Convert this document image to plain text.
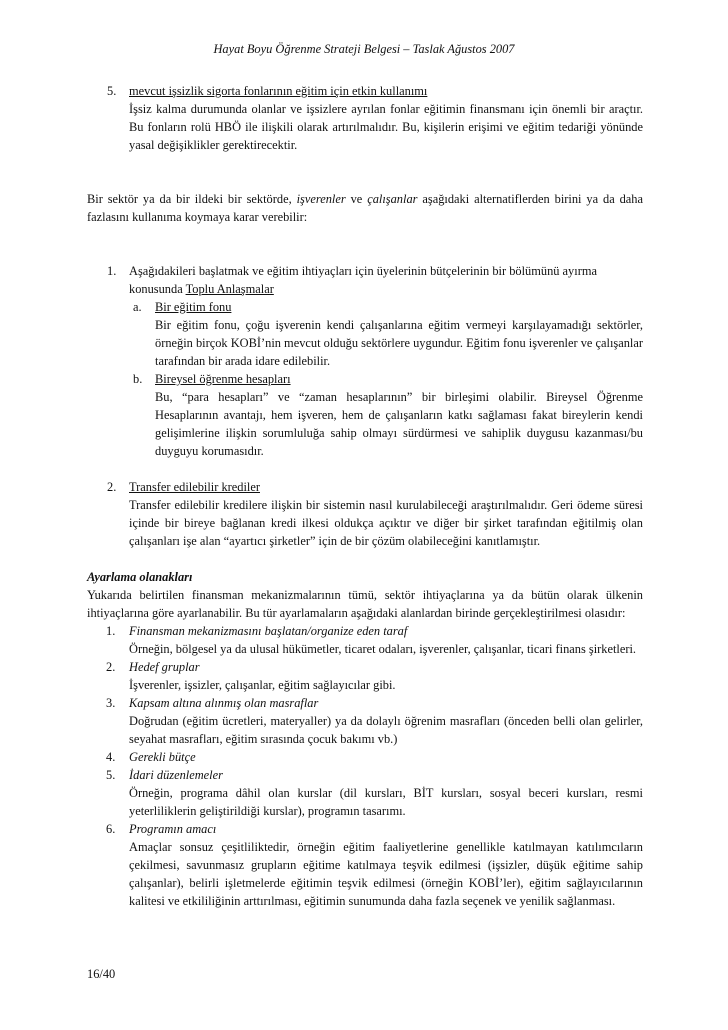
Hayat Boyu Öğrenme Strateji Belgesi – Taslak Ağustos 2007
5. mevcut işsizlik sigorta fonlarının eğitim için etkin kullanımı

İşsiz kalma durumunda olanlar ve işsizlere ayrılan fonlar eğitimin finansmanı için önemli bir araçtır. Bu fonların rolü HBÖ ile ilişkili olarak artırılmalıdır. Bu, kişilerin erişimi ve eğitim tedariği yönünde yasal değişiklikler gerektirecektir.

Bir sektör ya da bir ildeki bir sektörde, işverenler ve çalışanlar aşağıdaki alternatiflerden birini ya da daha fazlasını kullanıma koymaya karar verebilir:

1. Aşağıdakileri başlatmak ve eğitim ihtiyaçları için üyelerinin bütçelerinin bir bölümünü ayırma konusunda Toplu Anlaşmalar

a. Bir eğitim fonu

Bir eğitim fonu, çoğu işverenin kendi çalışanlarına eğitim vermeyi karşılayamadığı sektörler, örneğin birçok KOBİ’nin mevcut olduğu sektörlere uygundur. Eğitim fonu işverenler ve çalışanlar tarafından bir arada idare edilebilir.

b. Bireysel öğrenme hesapları

Bu, “para hesapları” ve “zaman hesaplarının” bir birleşimi olabilir. Bireysel Öğrenme Hesaplarının avantajı, hem işveren, hem de çalışanların katkı sağlaması fakat bireylerin kendi gelişimlerine ilişkin sorumluluğa sahip olmayı sürdürmesi ve sahiplik duygusu kazanması/bu duyguyu korumasıdır.

2. Transfer edilebilir krediler

Transfer edilebilir kredilere ilişkin bir sistemin nasıl kurulabileceği araştırılmalıdır. Geri ödeme süresi içinde bir bireye bağlanan kredi ilkesi oldukça açıktır ve diğer bir şirket tarafından eğitilmiş olan çalışanları işe alan “ayartıcı şirketler” için de bir çözüm olabileceğini kanıtlamıştır.

Ayarlama olanakları

Yukarıda belirtilen finansman mekanizmalarının tümü, sektör ihtiyaçlarına ya da bütün olarak ülkenin ihtiyaçlarına göre ayarlanabilir. Bu tür ayarlamaların aşağıdaki alanlardan birinde gerçekleştirilmesi olasıdır:

1. Finansman mekanizmasını başlatan/organize eden taraf

Örneğin, bölgesel ya da ulusal hükümetler, ticaret odaları, işverenler, çalışanlar, ticari finans şirketleri.

2. Hedef gruplar

İşverenler, işsizler, çalışanlar, eğitim sağlayıcılar gibi.

3. Kapsam altına alınmış olan masraflar

Doğrudan (eğitim ücretleri, materyaller) ya da dolaylı öğrenim masrafları (önceden belli olan gelirler, seyahat masrafları, eğitim sırasında çocuk bakımı vb.)

4. Gerekli bütçe

5. İdari düzenlemeler

Örneğin, programa dâhil olan kurslar (dil kursları, BİT kursları, sosyal beceri kursları, resmi yeterliliklerin geliştirildiği kurslar), programın tasarımı.

6. Programın amacı

Amaçlar sonsuz çeşitliliktedir, örneğin eğitim faaliyetlerine genellikle katılmayan katılımcıların çekilmesi, savunmasız grupların eğitime katılmaya teşvik edilmesi (işsizler, düşük eğitime sahip çalışanlar), belirli işletmelerde eğitimin teşvik edilmesi (örneğin KOBİ’ler), eğitim sağlayıcılarının kalitesi ve etkililiğinin arttırılması, eğitimin sunumunda daha fazla seçenek ve yenilik sağlanması.

16/40
